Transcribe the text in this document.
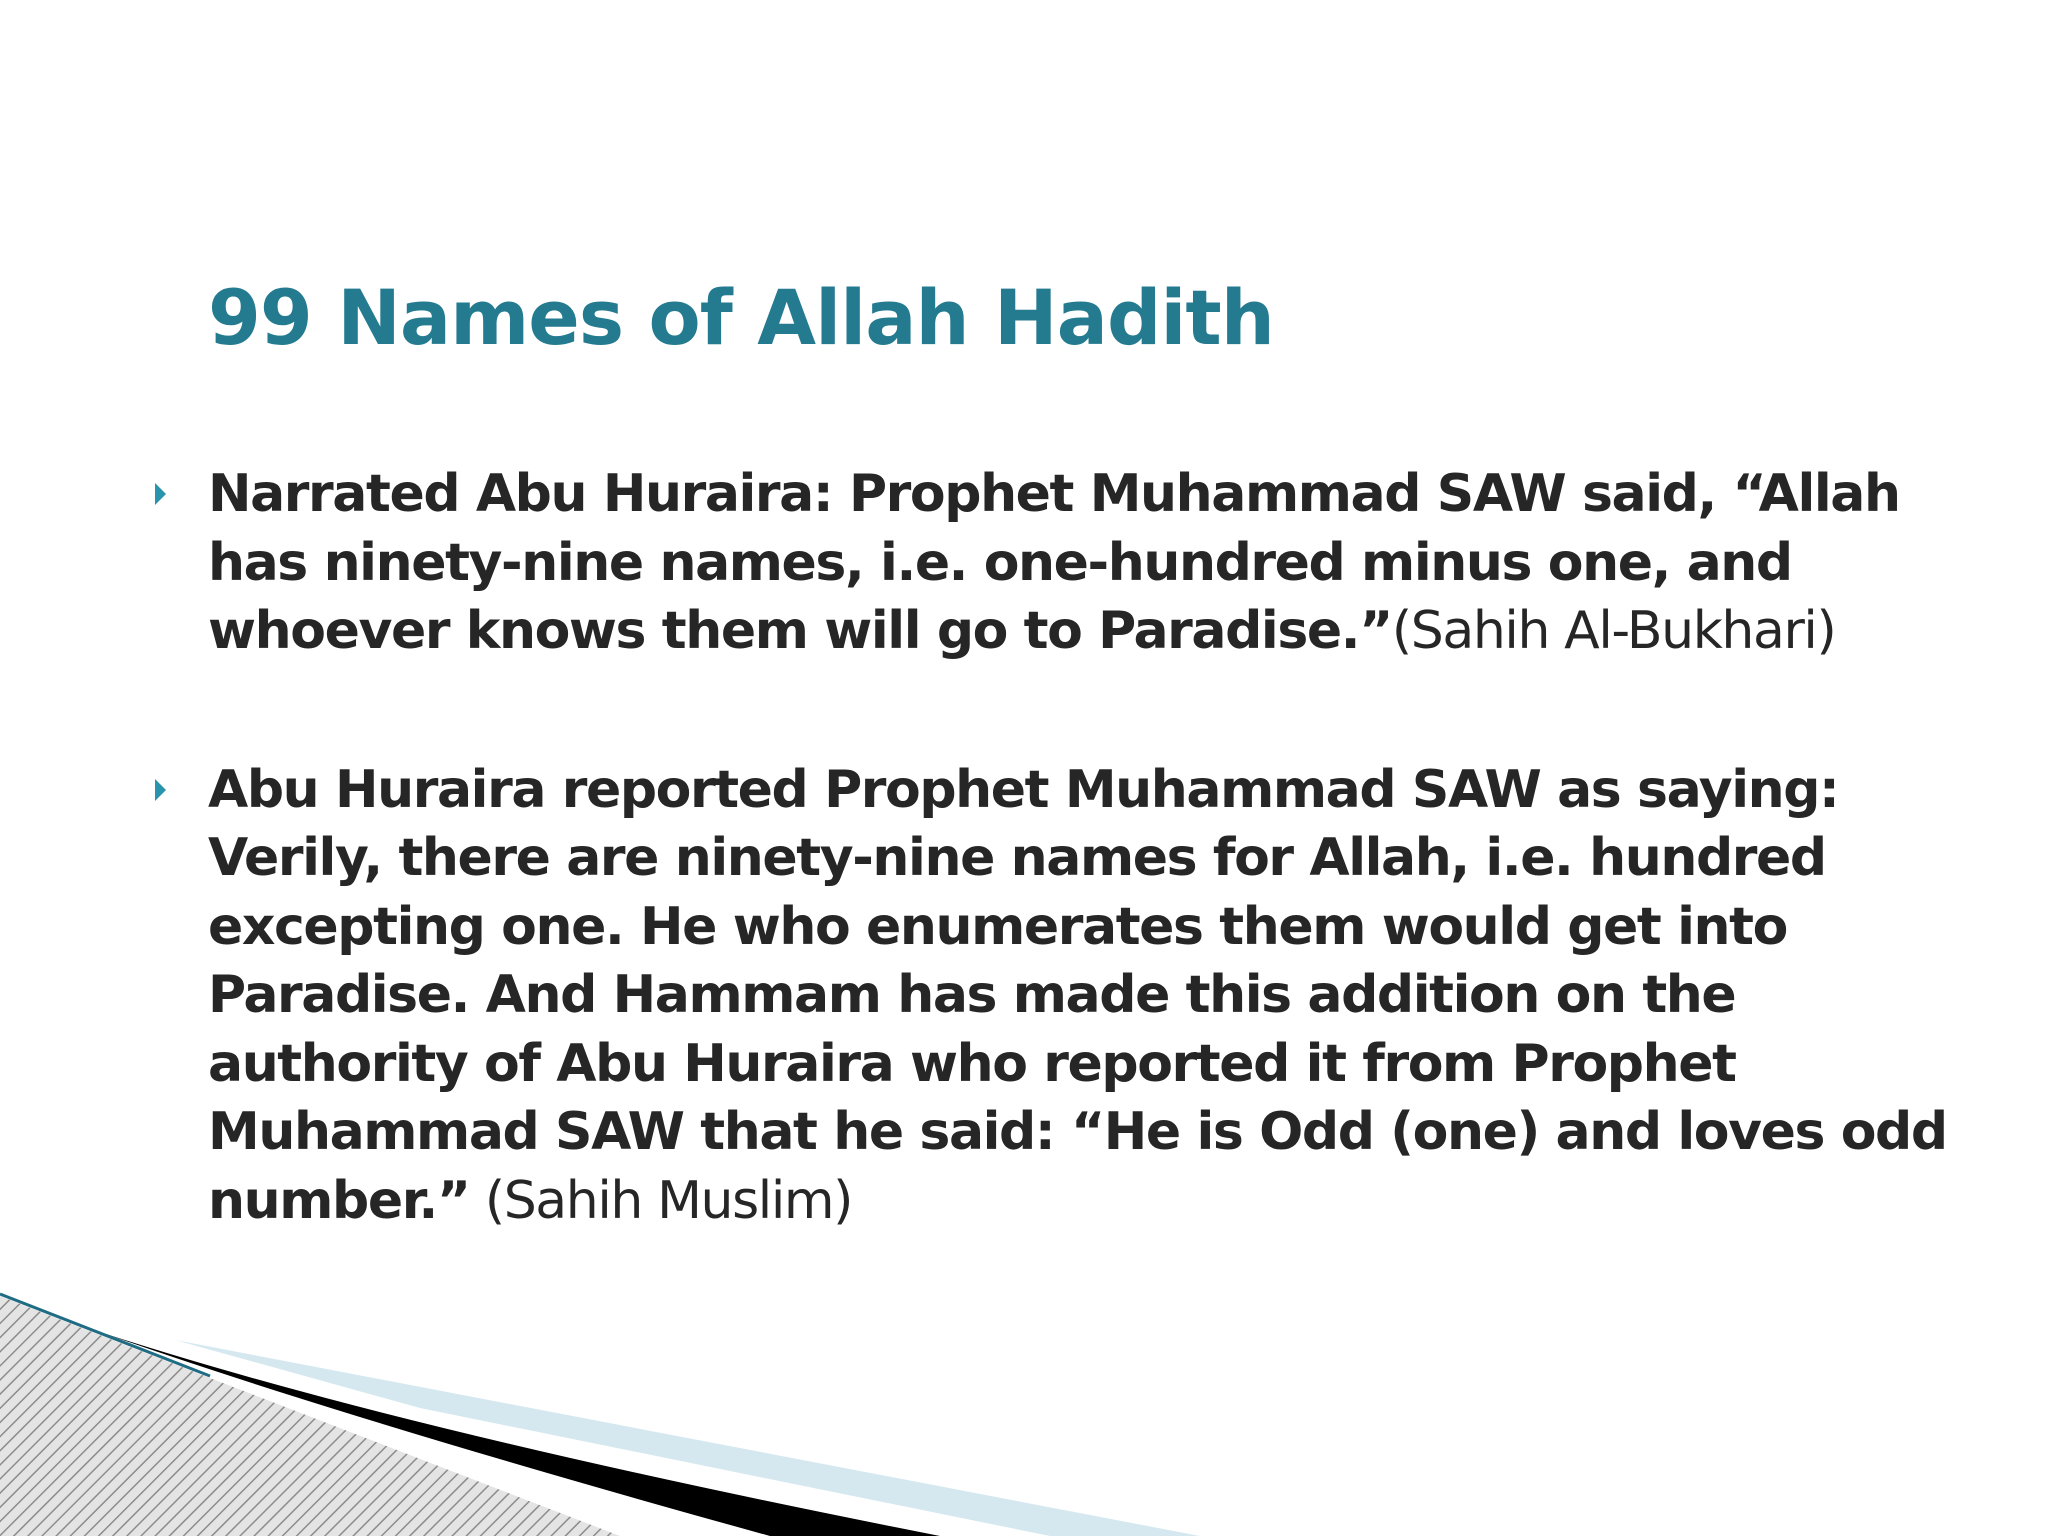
99 Names of Allah Hadith
Narrated Abu Huraira: Prophet Muhammad SAW said, “Allah has ninety-nine names, i.e. one-hundred minus one, and whoever knows them will go to Paradise.”(Sahih Al-Bukhari)
Abu Huraira reported Prophet Muhammad SAW as saying: Verily, there are ninety-nine names for Allah, i.e. hundred excepting one. He who enumerates them would get into Paradise. And Hammam has made this addition on the authority of Abu Huraira who reported it from Prophet Muhammad SAW that he said: “He is Odd (one) and loves odd number.” (Sahih Muslim)
